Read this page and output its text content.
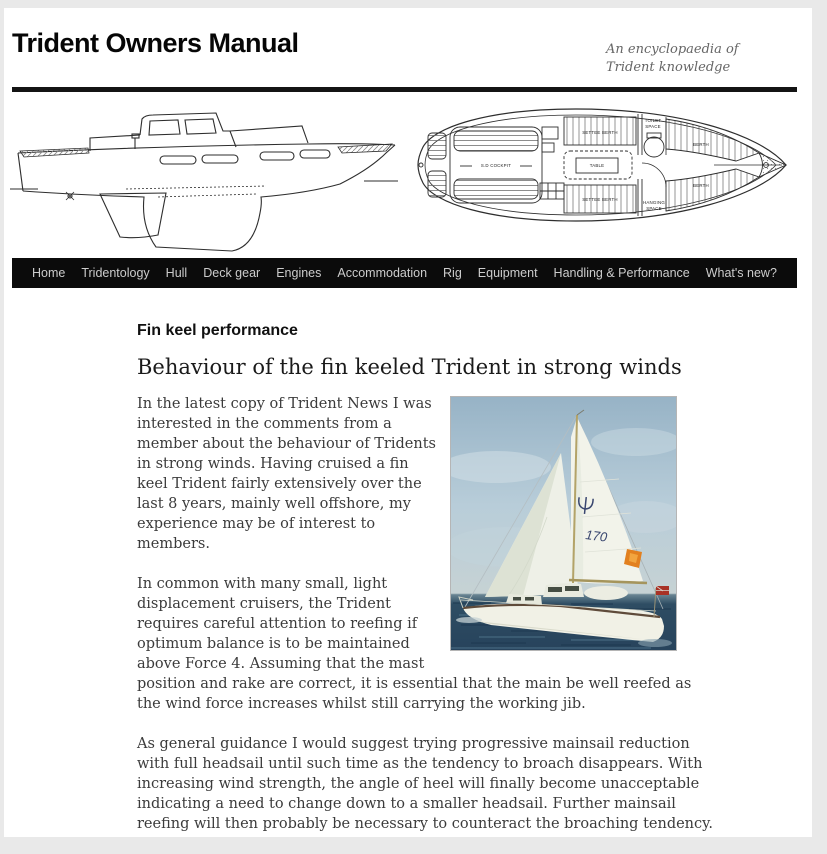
Trident Owners Manual	An encyclopaedia of Trident knowledge
TOILET
SPACE
SETTEE BERTH
BERTH
TABLE
S.D COCKPIT
SETTEE BERTH
BERTH
HANGING
SPACE
Home Tridentology Hull Deck gear Engines Accommodation Rig Equipment Handling & Performance What's new?
Fin keel performance
Behaviour of the fin keeled Trident in strong winds
170

In the latest copy of Trident News I was interested in the comments from a member about the behaviour of Tridents in strong winds. Having cruised a fin keel Trident fairly extensively over the last 8 years, mainly well offshore, my experience may be of interest to members.

In common with many small, light displacement cruisers, the Trident requires careful attention to reefing if optimum balance is to be maintained above Force 4. Assuming that the mast position and rake are correct, it is essential that the main be well reefed as the wind force increases whilst still carrying the working jib.

As general guidance I would suggest trying progressive mainsail reduction with full headsail until such time as the tendency to broach disappears. With increasing wind strength, the angle of heel will finally become unacceptable indicating a need to change down to a smaller headsail. Further mainsail reefing will then probably be necessary to counteract the broaching tendency.
